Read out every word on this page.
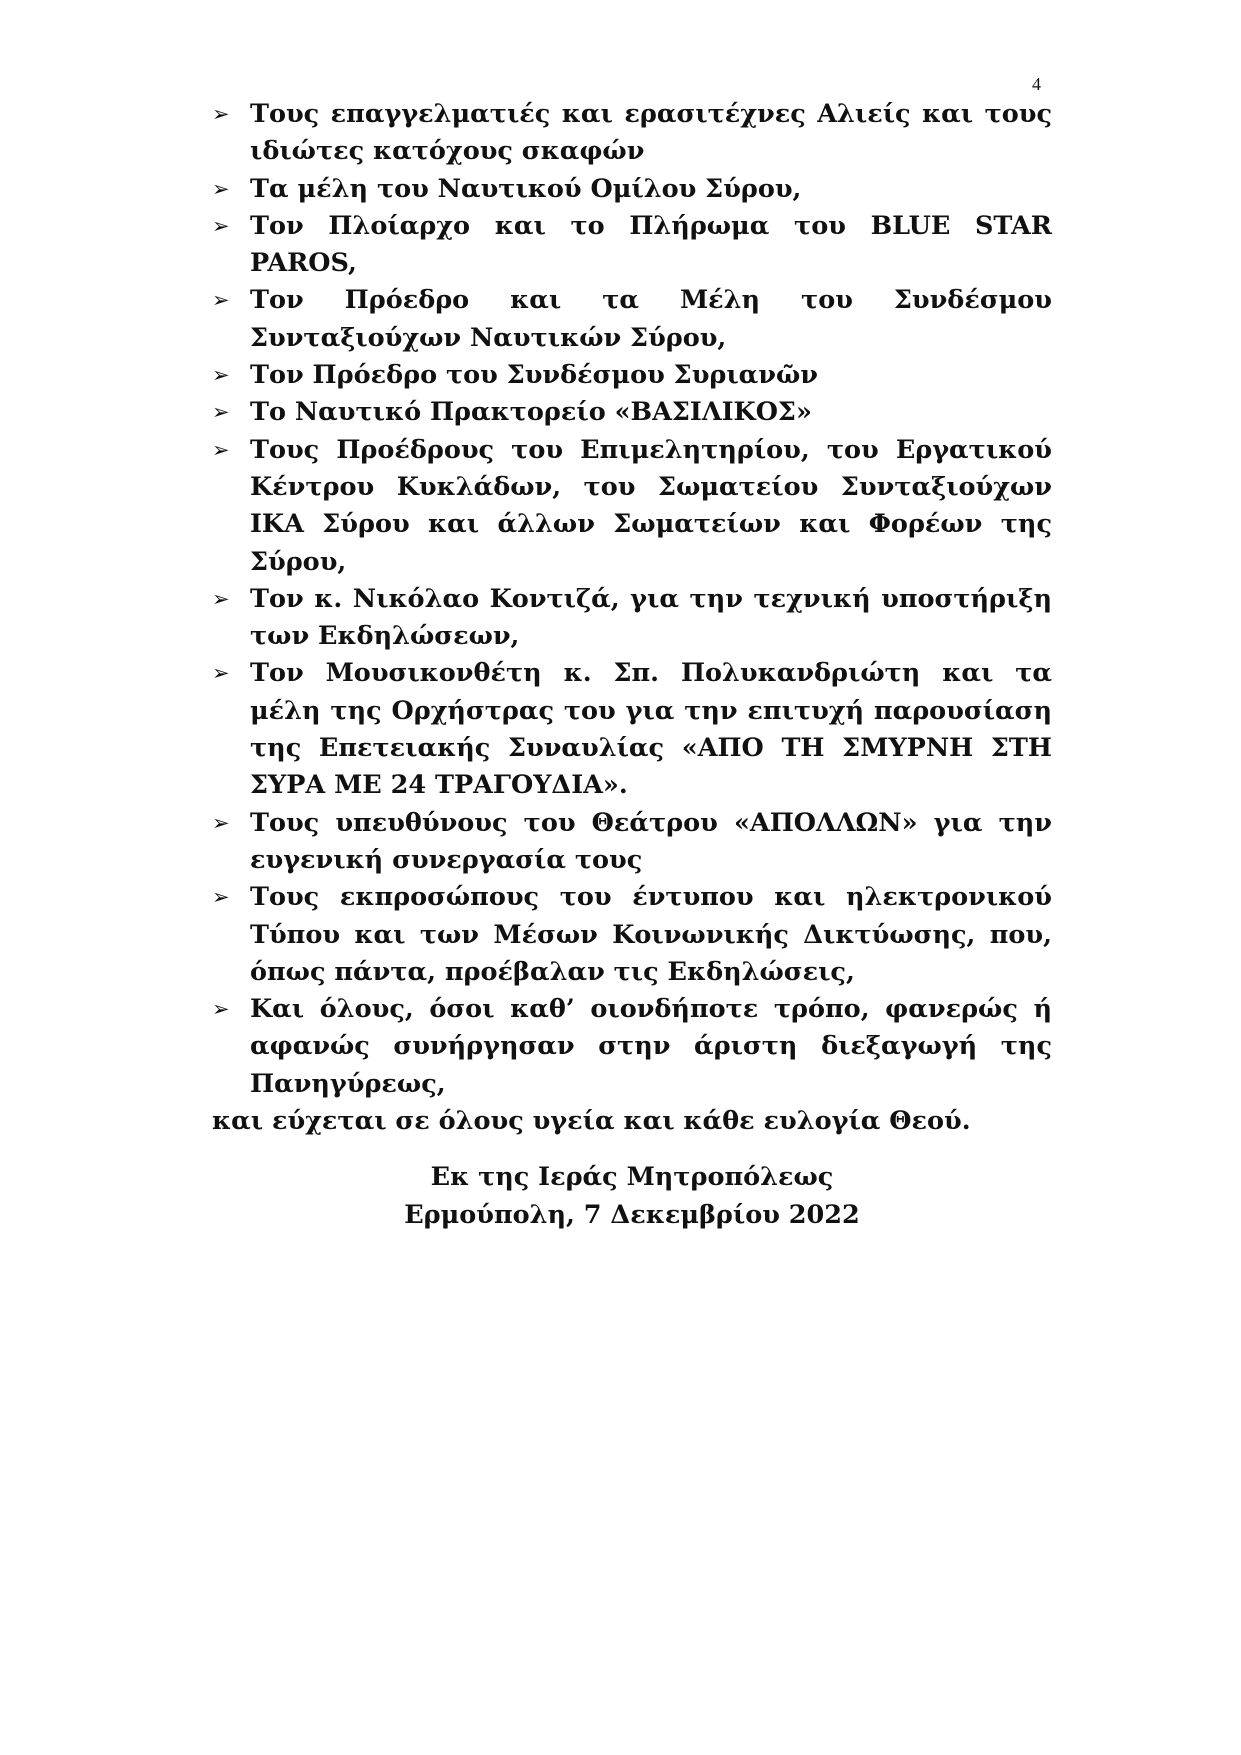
4
➢ Τους επαγγελματιές και ερασιτέχνες Αλιείς και τους ιδιώτες κατόχους σκαφών
➢ Τα μέλη του Ναυτικού Ομίλου Σύρου,
➢ Τον Πλοίαρχο και το Πλήρωμα του BLUE STAR PAROS,
➢ Τον Πρόεδρο και τα Μέλη του Συνδέσμου Συνταξιούχων Ναυτικών Σύρου,
➢ Τον Πρόεδρο του Συνδέσμου Συριανῶν
➢ Το Ναυτικό Πρακτορείο «ΒΑΣΙΛΙΚΟΣ»
➢ Τους Προέδρους του Επιμελητηρίου, του Εργατικού Κέντρου Κυκλάδων, του Σωματείου Συνταξιούχων ΙΚΑ Σύρου και άλλων Σωματείων και Φορέων της Σύρου,
➢ Τον κ. Νικόλαο Κοντιζά, για την τεχνική υποστήριξη των Εκδηλώσεων,
➢ Τον Μουσικονθέτη κ. Σπ. Πολυκανδριώτη και τα μέλη της Ορχήστρας του για την επιτυχή παρουσίαση της Επετειακής Συναυλίας «ΑΠΟ ΤΗ ΣΜΥΡΝΗ ΣΤΗ ΣΥΡΑ ΜΕ 24 ΤΡΑΓΟΥΔΙΑ».
➢ Τους υπευθύνους του Θεάτρου «ΑΠΟΛΛΩΝ» για την ευγενική συνεργασία τους
➢ Τους εκπροσώπους του έντυπου και ηλεκτρονικού Τύπου και των Μέσων Κοινωνικής Δικτύωσης, που, όπως πάντα, προέβαλαν τις Εκδηλώσεις,
➢ Και όλους, όσοι καθ’ οιονδήποτε τρόπο, φανερώς ή αφανώς συνήργησαν στην άριστη διεξαγωγή της Πανηγύρεως,

και εύχεται σε όλους υγεία και κάθε ευλογία Θεού.

Εκ της Ιεράς Μητροπόλεως
Ερμούπολη, 7 Δεκεμβρίου 2022
